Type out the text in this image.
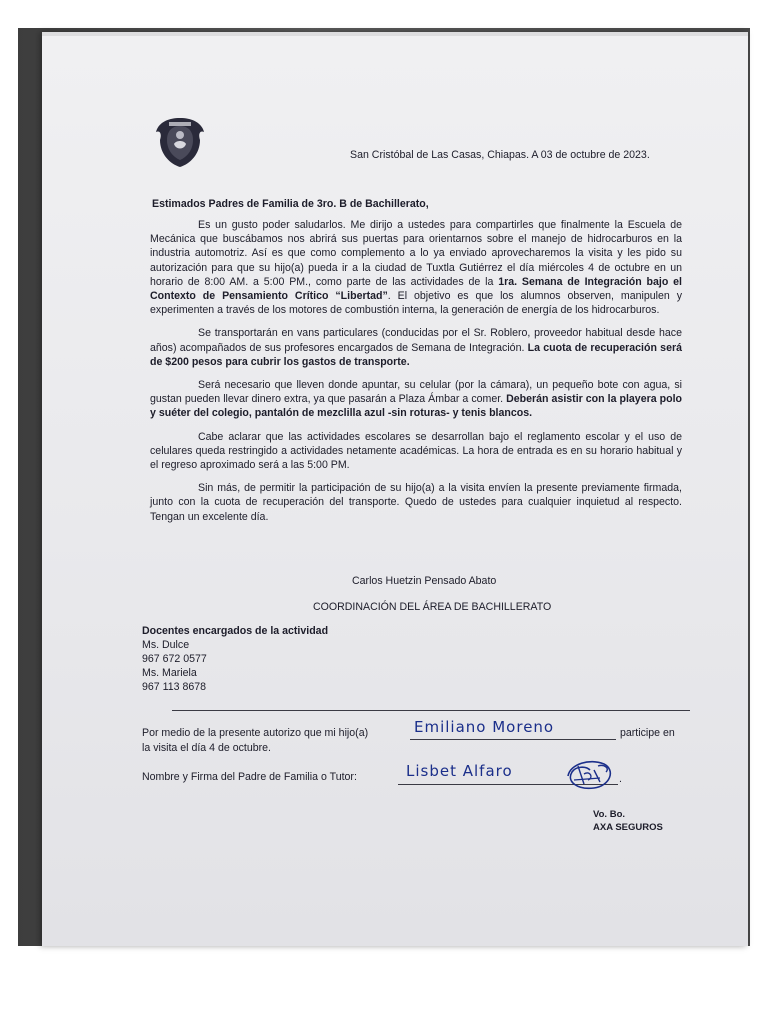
San Cristóbal de Las Casas, Chiapas. A 03 de octubre de 2023.
Estimados Padres de Familia de 3ro. B de Bachillerato,

Es un gusto poder saludarlos. Me dirijo a ustedes para compartirles que finalmente la Escuela de Mecánica que buscábamos nos abrirá sus puertas para orientarnos sobre el manejo de hidrocarburos en la industria automotriz. Así es que como complemento a lo ya enviado aprovecharemos la visita y les pido su autorización para que su hijo(a) pueda ir a la ciudad de Tuxtla Gutiérrez el día miércoles 4 de octubre en un horario de 8:00 AM. a 5:00 PM., como parte de las actividades de la 1ra. Semana de Integración bajo el Contexto de Pensamiento Crítico “Libertad”. El objetivo es que los alumnos observen, manipulen y experimenten a través de los motores de combustión interna, la generación de energía de los hidrocarburos.

Se transportarán en vans particulares (conducidas por el Sr. Roblero, proveedor habitual desde hace años) acompañados de sus profesores encargados de Semana de Integración. La cuota de recuperación será de $200 pesos para cubrir los gastos de transporte.

Será necesario que lleven donde apuntar, su celular (por la cámara), un pequeño bote con agua, si gustan pueden llevar dinero extra, ya que pasarán a Plaza Ámbar a comer. Deberán asistir con la playera polo y suéter del colegio, pantalón de mezclilla azul -sin roturas- y tenis blancos.

Cabe aclarar que las actividades escolares se desarrollan bajo el reglamento escolar y el uso de celulares queda restringido a actividades netamente académicas. La hora de entrada es en su horario habitual y el regreso aproximado será a las 5:00 PM.

Sin más, de permitir la participación de su hijo(a) a la visita envíen la presente previamente firmada, junto con la cuota de recuperación del transporte. Quedo de ustedes para cualquier inquietud al respecto. Tengan un excelente día.

Carlos Huetzin Pensado Abato
COORDINACIÓN DEL ÁREA DE BACHILLERATO
Docentes encargados de la actividad
Ms. Dulce
967 672 0577
Ms. Mariela
967 113 8678
Por medio de la presente autorizo que mi hijo(a)	Emiliano Moreno	participe en
la visita el día 4 de octubre.
Nombre y Firma del Padre de Familia o Tutor:	Lisbet Alfaro	.
Vo. Bo.
AXA SEGUROS
